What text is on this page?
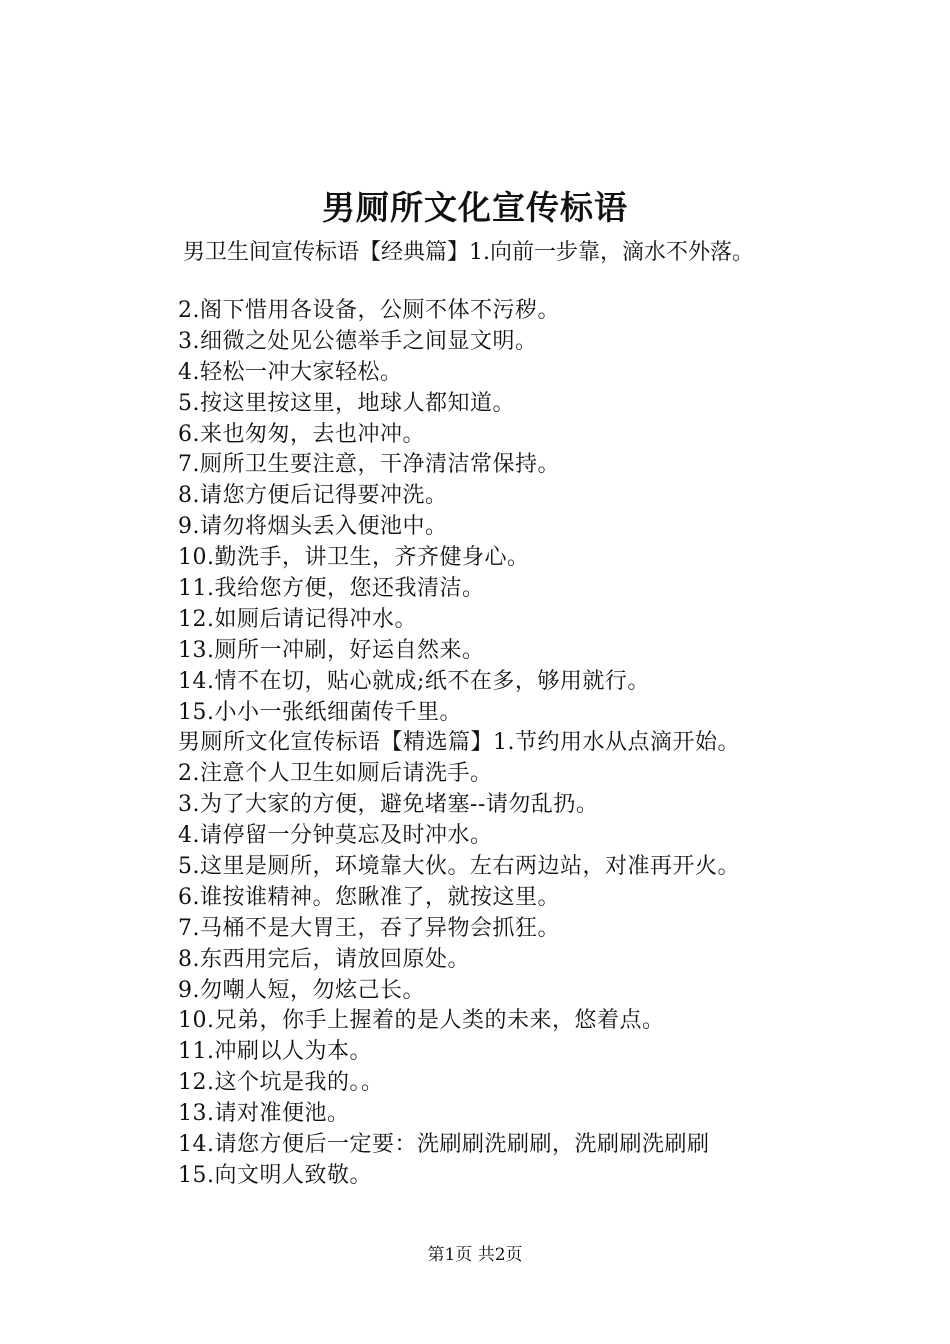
男厕所文化宣传标语
男卫生间宣传标语【经典篇】1.向前一步靠，滴水不外落。
2.阁下惜用各设备，公厕不体不污秽。
3.细微之处见公德举手之间显文明。
4.轻松一冲大家轻松。
5.按这里按这里，地球人都知道。
6.来也匆匆，去也冲冲。
7.厕所卫生要注意，干净清洁常保持。
8.请您方便后记得要冲洗。
9.请勿将烟头丢入便池中。
10.勤洗手，讲卫生，齐齐健身心。
11.我给您方便，您还我清洁。
12.如厕后请记得冲水。
13.厕所一冲刷，好运自然来。
14.情不在切，贴心就成;纸不在多，够用就行。
15.小小一张纸细菌传千里。
男厕所文化宣传标语【精选篇】1.节约用水从点滴开始。
2.注意个人卫生如厕后请洗手。
3.为了大家的方便，避免堵塞--请勿乱扔。
4.请停留一分钟莫忘及时冲水。
5.这里是厕所，环境靠大伙。左右两边站，对准再开火。
6.谁按谁精神。您瞅准了，就按这里。
7.马桶不是大胃王，吞了异物会抓狂。
8.东西用完后，请放回原处。
9.勿嘲人短，勿炫己长。
10.兄弟，你手上握着的是人类的未来，悠着点。
11.冲刷以人为本。
12.这个坑是我的。。
13.请对准便池。
14.请您方便后一定要：洗刷刷洗刷刷，洗刷刷洗刷刷
15.向文明人致敬。
第1页 共2页
